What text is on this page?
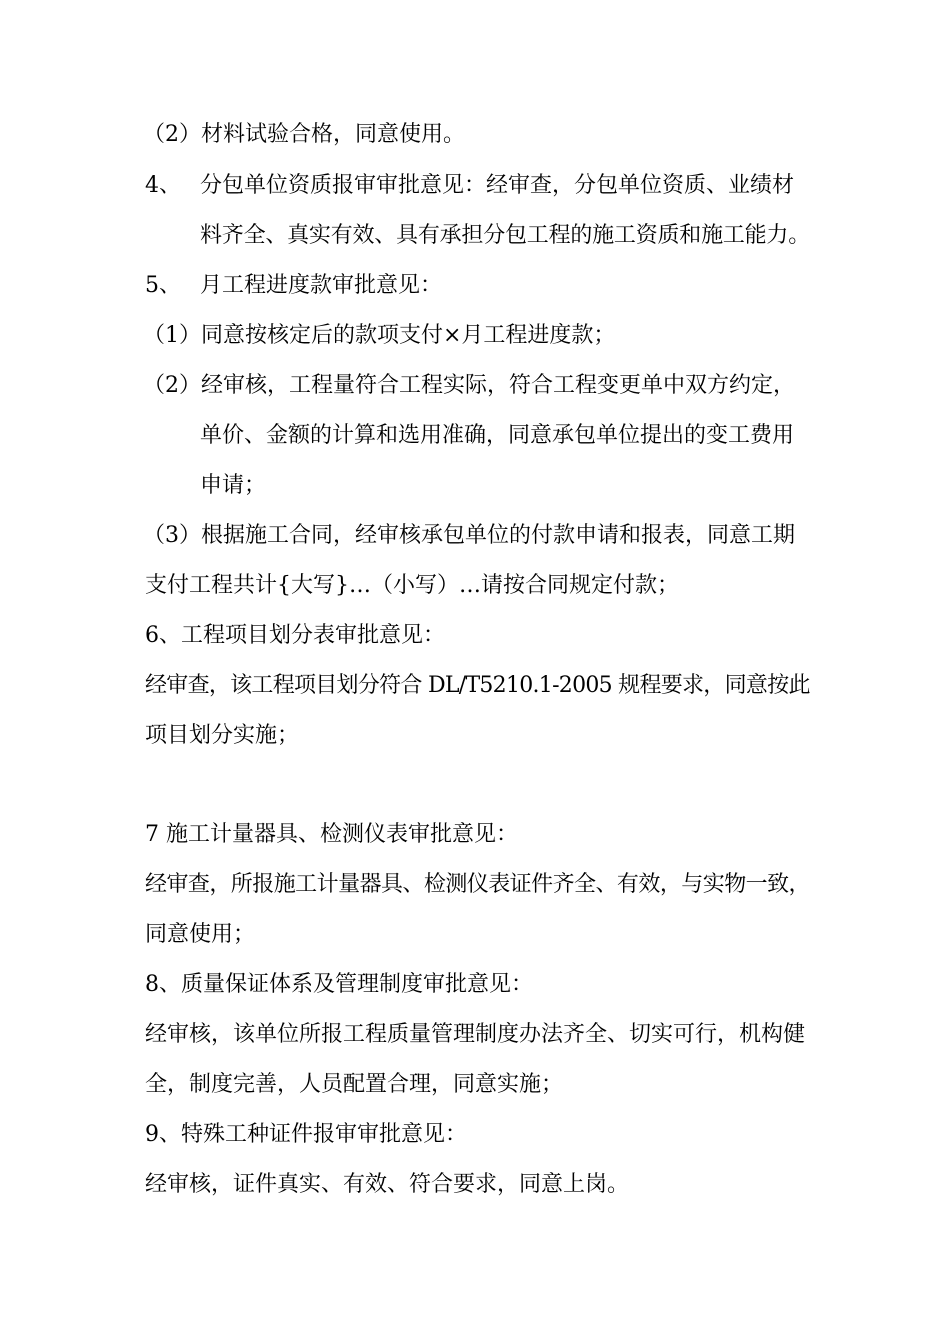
（2）材料试验合格，同意使用。

4、 分包单位资质报审审批意见：经审查，分包单位资质、业绩材

料齐全、真实有效、具有承担分包工程的施工资质和施工能力。

5、 月工程进度款审批意见：

（1）同意按核定后的款项支付×月工程进度款；

（2）经审核，工程量符合工程实际，符合工程变更单中双方约定，

单价、金额的计算和选用准确，同意承包单位提出的变工费用

申请；

（3）根据施工合同，经审核承包单位的付款申请和报表，同意工期

支付工程共计{大写}…（小写）…请按合同规定付款；

6、工程项目划分表审批意见：

经审查，该工程项目划分符合 DL/T5210.1-2005 规程要求，同意按此

项目划分实施；

7 施工计量器具、检测仪表审批意见：

经审查，所报施工计量器具、检测仪表证件齐全、有效，与实物一致，

同意使用；

8、质量保证体系及管理制度审批意见：

经审核，该单位所报工程质量管理制度办法齐全、切实可行，机构健

全，制度完善，人员配置合理，同意实施；

9、特殊工种证件报审审批意见：

经审核，证件真实、有效、符合要求，同意上岗。
